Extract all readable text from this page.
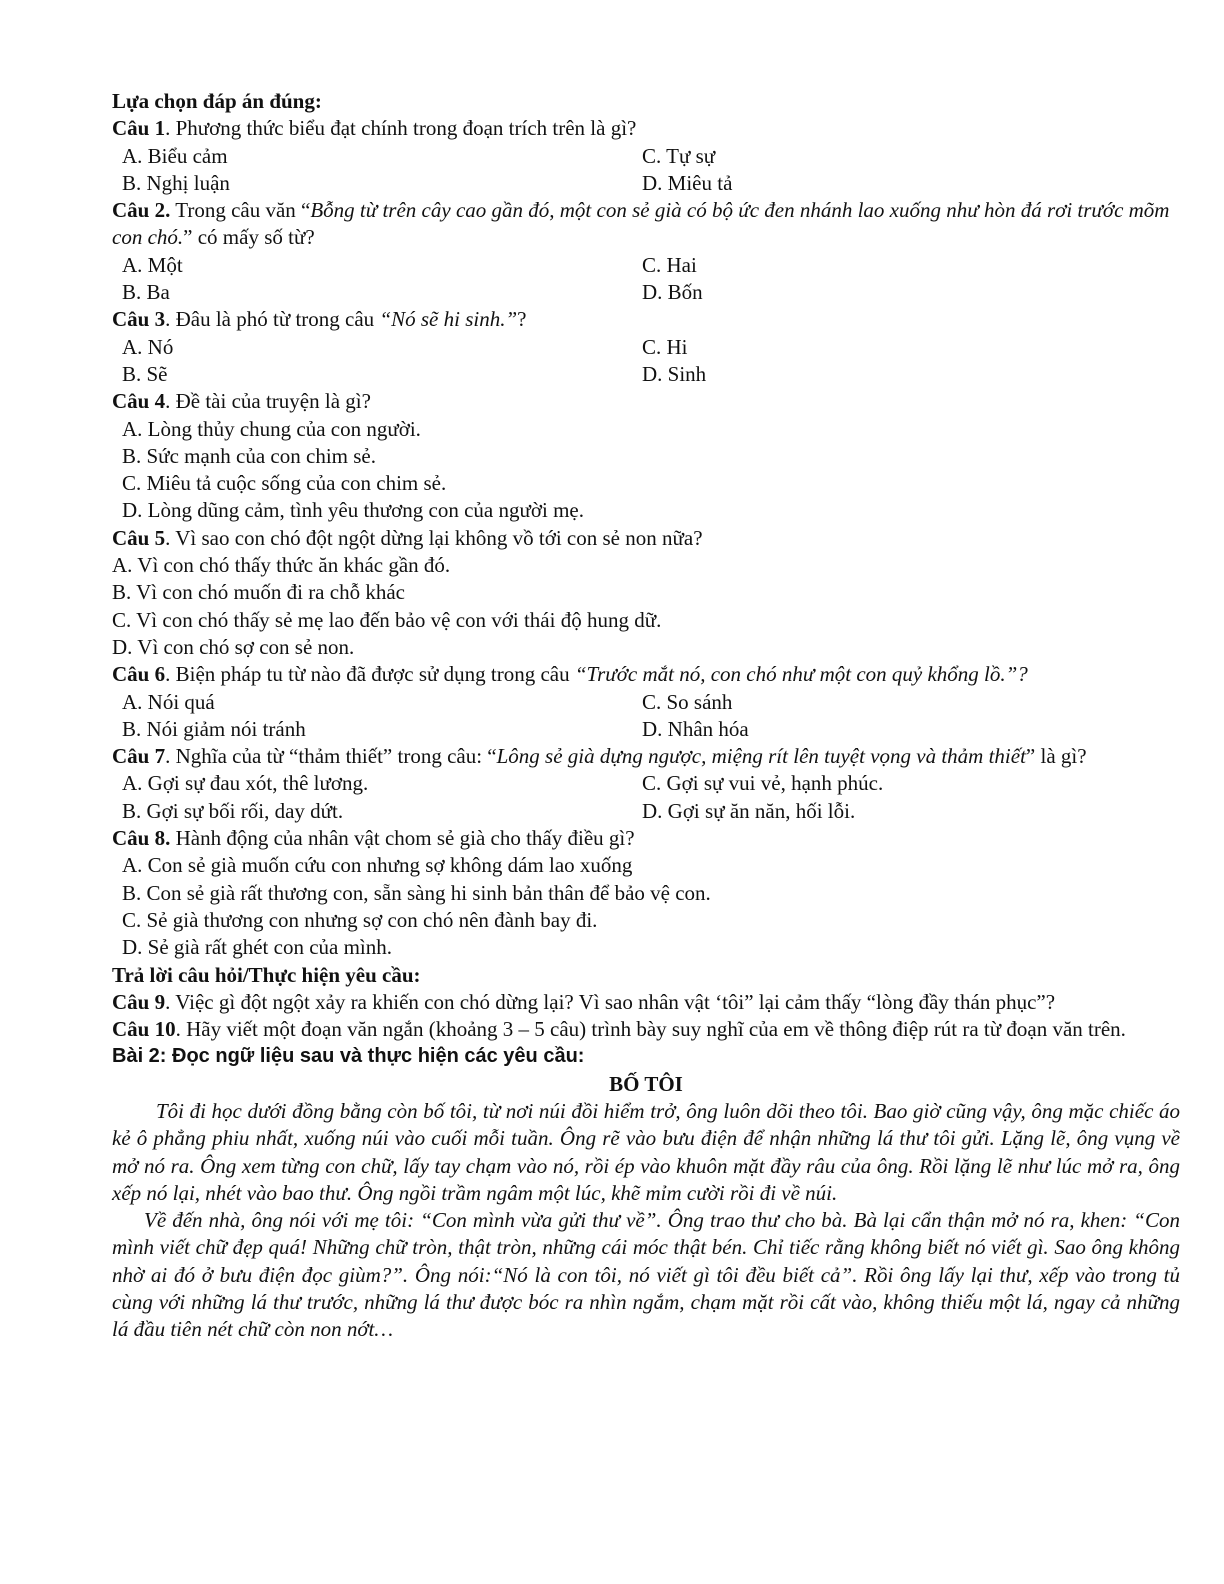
Lựa chọn đáp án đúng:

Câu 1. Phương thức biểu đạt chính trong đoạn trích trên là gì?

A. Biểu cảm	C. Tự sự
B. Nghị luận	D. Miêu tả

Câu 2. Trong câu văn “Bỗng từ trên cây cao gần đó, một con sẻ già có bộ ức đen nhánh lao xuống như hòn đá rơi trước mõm con chó.” có mấy số từ?

A. Một	C. Hai
B. Ba	D. Bốn

Câu 3. Đâu là phó từ trong câu “Nó sẽ hi sinh.”?

A. Nó	C. Hi
B. Sẽ	D. Sinh

Câu 4. Đề tài của truyện là gì?

A. Lòng thủy chung của con người.

B. Sức mạnh của con chim sẻ.

C. Miêu tả cuộc sống của con chim sẻ.

D. Lòng dũng cảm, tình yêu thương con của người mẹ.

Câu 5. Vì sao con chó đột ngột dừng lại không vồ tới con sẻ non nữa?

A. Vì con chó thấy thức ăn khác gần đó.

B. Vì con chó muốn đi ra chỗ khác

C. Vì con chó thấy sẻ mẹ lao đến bảo vệ con với thái độ hung dữ.

D. Vì con chó sợ con sẻ non.

Câu 6. Biện pháp tu từ nào đã được sử dụng trong câu “Trước mắt nó, con chó như một con quỷ khổng lồ.”?

A. Nói quá	C. So sánh
B. Nói giảm nói tránh	D. Nhân hóa

Câu 7. Nghĩa của từ “thảm thiết” trong câu: “Lông sẻ già dựng ngược, miệng rít lên tuyệt vọng và thảm thiết” là gì?

A. Gợi sự đau xót, thê lương.	C. Gợi sự vui vẻ, hạnh phúc.
B. Gợi sự bối rối, day dứt.	D. Gợi sự ăn năn, hối lỗi.

Câu 8. Hành động của nhân vật chom sẻ già cho thấy điều gì?

A. Con sẻ già muốn cứu con nhưng sợ không dám lao xuống

B. Con sẻ già rất thương con, sẵn sàng hi sinh bản thân để bảo vệ con.

C. Sẻ già thương con nhưng sợ con chó nên đành bay đi.

D. Sẻ già rất ghét con của mình.

Trả lời câu hỏi/Thực hiện yêu cầu:

Câu 9. Việc gì đột ngột xảy ra khiến con chó dừng lại? Vì sao nhân vật ‘tôi” lại cảm thấy “lòng đầy thán phục”?

Câu 10. Hãy viết một đoạn văn ngắn (khoảng 3 – 5 câu) trình bày suy nghĩ của em về thông điệp rút ra từ đoạn văn trên.

Bài 2: Đọc ngữ liệu sau và thực hiện các yêu cầu:

BỐ TÔI

Tôi đi học dưới đồng bằng còn bố tôi, từ nơi núi đồi hiểm trở, ông luôn dõi theo tôi. Bao giờ cũng vậy, ông mặc chiếc áo kẻ ô phẳng phiu nhất, xuống núi vào cuối mỗi tuần. Ông rẽ vào bưu điện để nhận những lá thư tôi gửi. Lặng lẽ, ông vụng về mở nó ra. Ông xem từng con chữ, lấy tay chạm vào nó, rồi ép vào khuôn mặt đầy râu của ông. Rồi lặng lẽ như lúc mở ra, ông xếp nó lại, nhét vào bao thư. Ông ngồi trầm ngâm một lúc, khẽ mỉm cười rồi đi về núi.

Về đến nhà, ông nói với mẹ tôi: “Con mình vừa gửi thư về”. Ông trao thư cho bà. Bà lại cẩn thận mở nó ra, khen: “Con mình viết chữ đẹp quá! Những chữ tròn, thật tròn, những cái móc thật bén. Chỉ tiếc rằng không biết nó viết gì. Sao ông không nhờ ai đó ở bưu điện đọc giùm?”. Ông nói:“Nó là con tôi, nó viết gì tôi đều biết cả”. Rồi ông lấy lại thư, xếp vào trong tủ cùng với những lá thư trước, những lá thư được bóc ra nhìn ngắm, chạm mặt rồi cất vào, không thiếu một lá, ngay cả những lá đầu tiên nét chữ còn non nớt…
